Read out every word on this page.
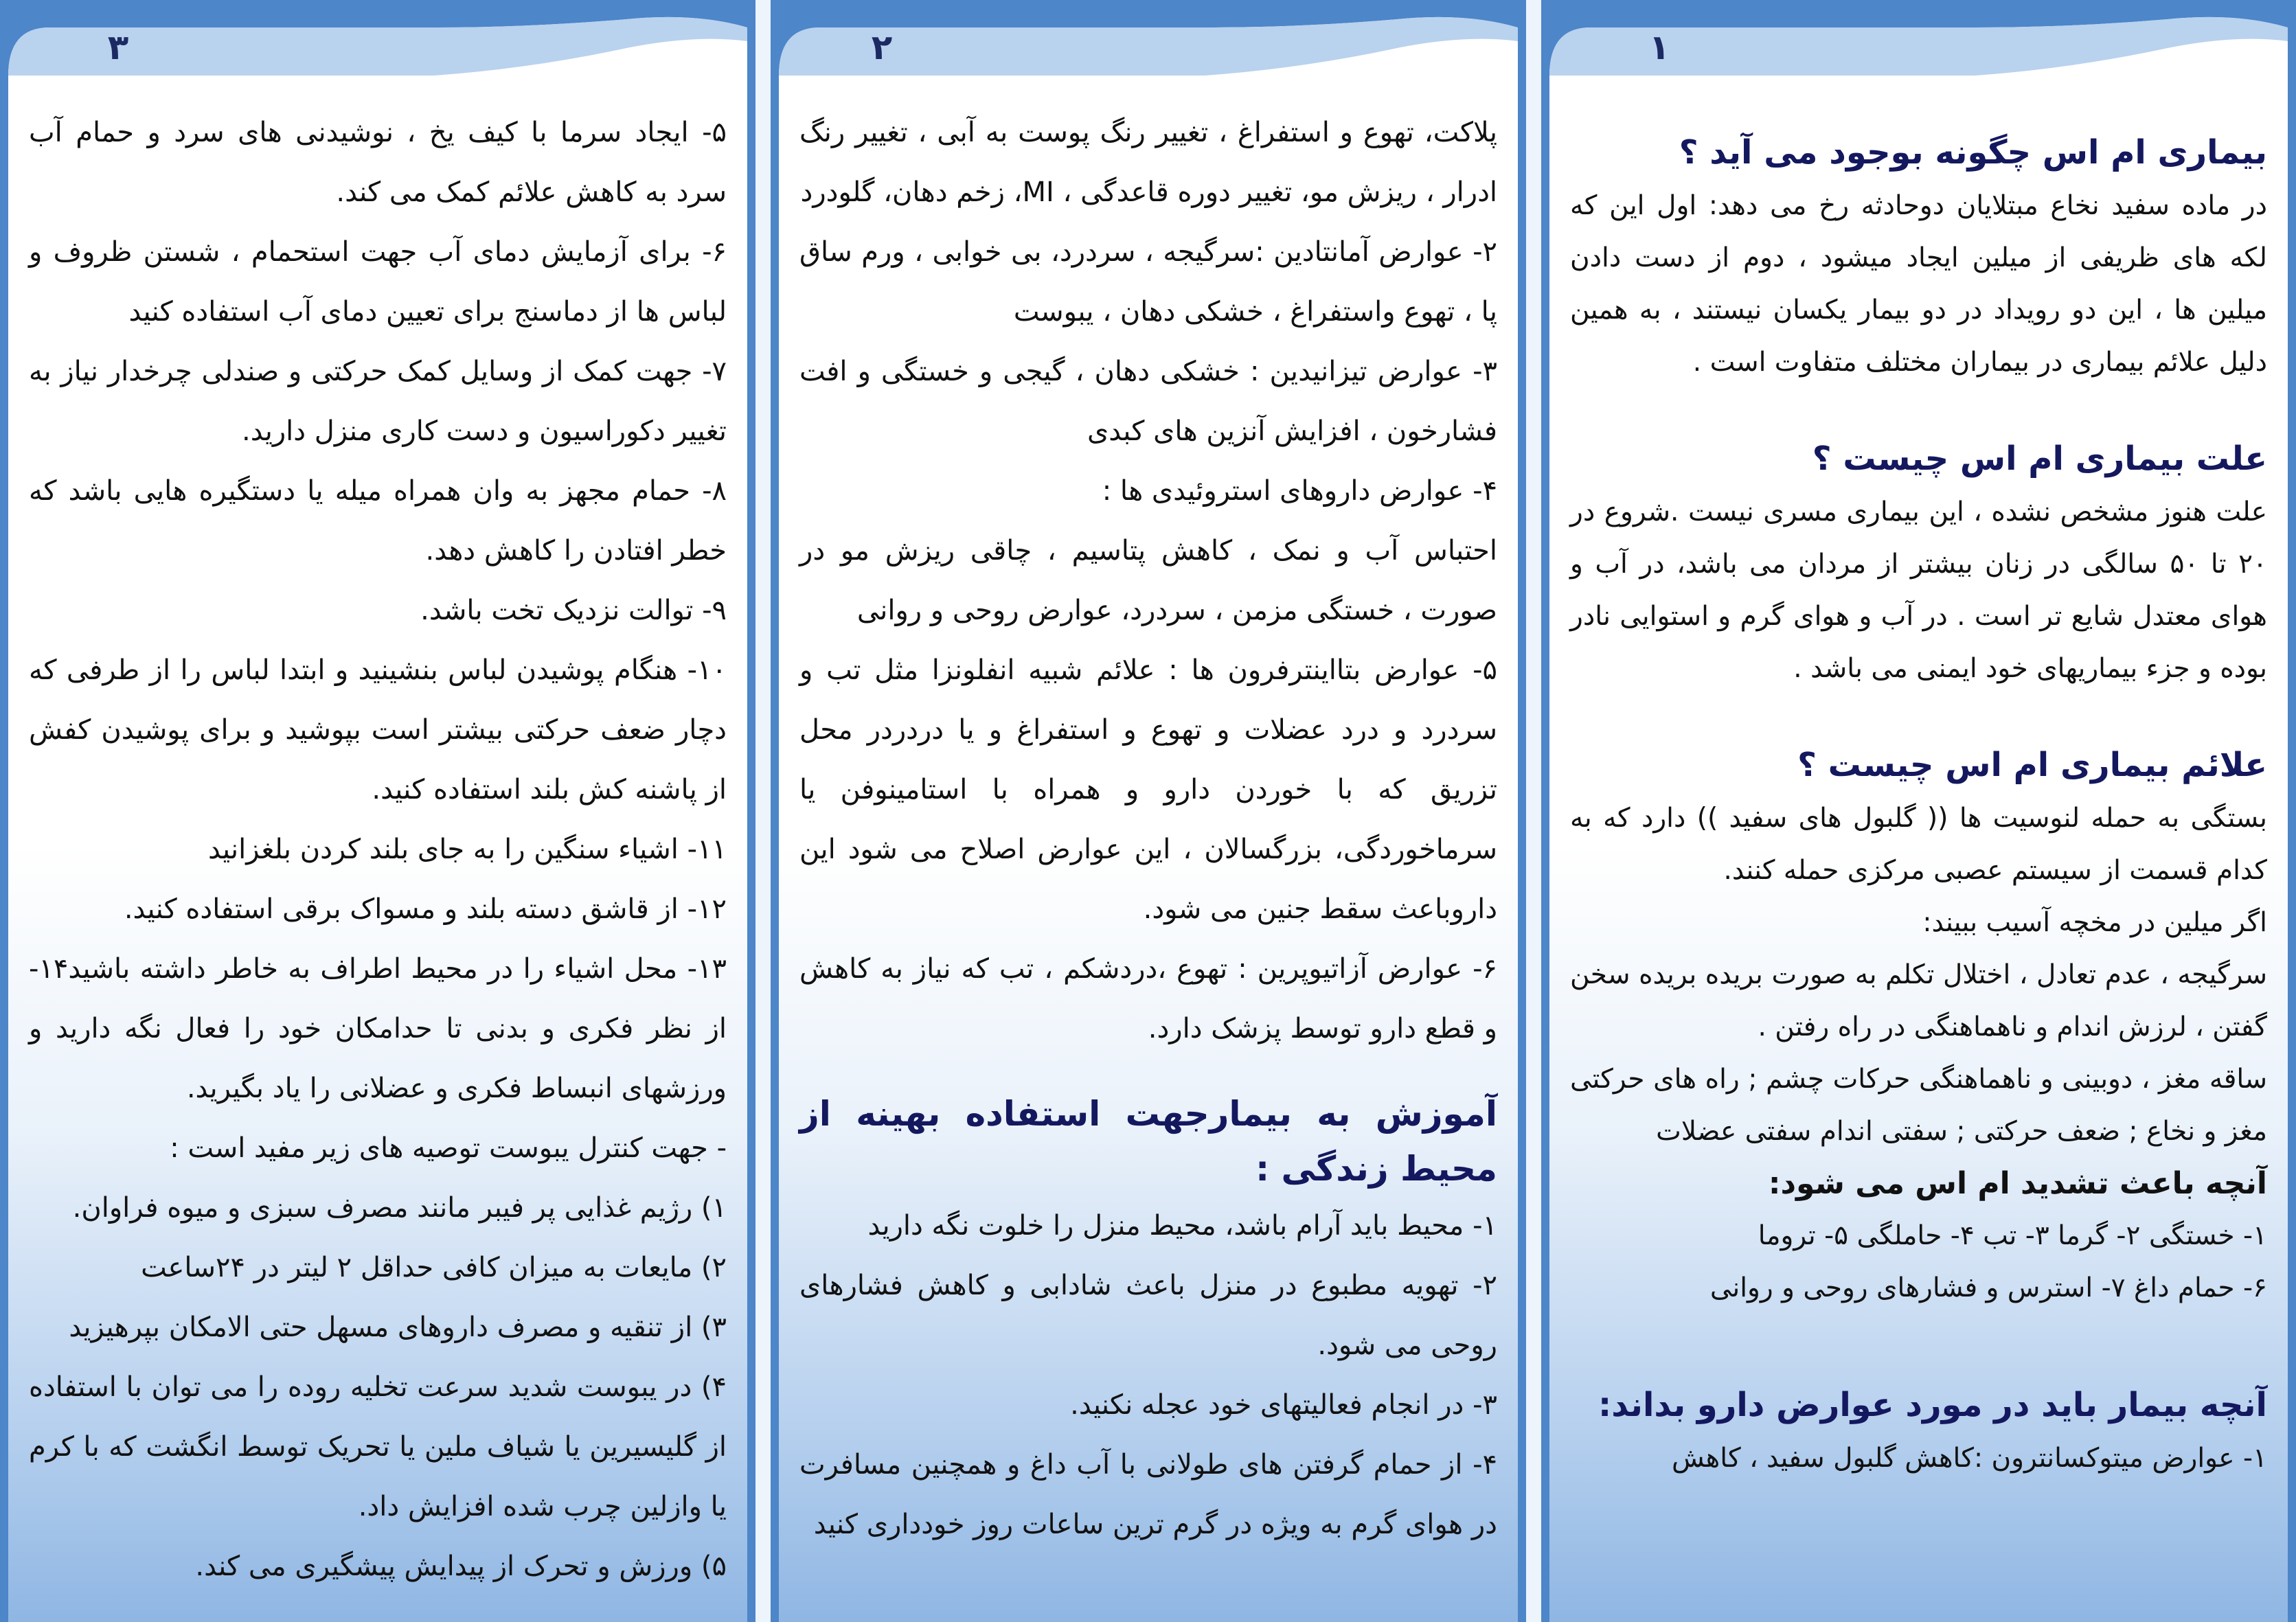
۳

۵- ایجاد سرما با کیف یخ ، نوشیدنی های سرد و حمام آب سرد به کاهش علائم کمک می کند.

۶- برای آزمایش دمای آب جهت استحمام ، شستن ظروف و لباس ها از دماسنج برای تعیین دمای آب استفاده کنید

۷- جهت کمک از وسایل کمک حرکتی و صندلی چرخدار نیاز به تغییر دکوراسیون و دست کاری منزل دارید.

۸- حمام مجهز به وان همراه میله یا دستگیره هایی باشد که خطر افتادن را کاهش دهد.

۹- توالت نزدیک تخت باشد.

۱۰- هنگام پوشیدن لباس بنشینید و ابتدا لباس را از طرفی که دچار ضعف حرکتی بیشتر است بپوشید و برای پوشیدن کفش از پاشنه کش بلند استفاده کنید.

۱۱- اشیاء سنگین را به جای بلند کردن بلغزانید

۱۲- از قاشق دسته بلند و مسواک برقی استفاده کنید.

۱۳- محل اشیاء را در محیط اطراف به خاطر داشته باشید۱۴- از نظر فکری و بدنی تا حدامکان خود را فعال نگه دارید و ورزشهای انبساط فکری و عضلانی را یاد بگیرید.

- جهت کنترل یبوست توصیه های زیر مفید است :

۱) رژیم غذایی پر فیبر مانند مصرف سبزی و میوه فراوان.

۲) مایعات به میزان کافی حداقل ۲ لیتر در ۲۴ساعت

۳) از تنقیه و مصرف داروهای مسهل حتی الامکان بپرهیزید

۴) در یبوست شدید سرعت تخلیه روده را می توان با استفاده از گلیسیرین یا شیاف ملین یا تحریک توسط انگشت که با کرم یا وازلین چرب شده افزایش داد.

۵) ورزش و تحرک از پیدایش پیشگیری می کند.

۲

پلاکت، تهوع و استفراغ ، تغییر رنگ پوست به آبی ، تغییر رنگ ادرار ، ریزش مو، تغییر دوره قاعدگی ، MI، زخم دهان، گلودرد

۲- عوارض آمانتادین :سرگیجه ، سردرد، بی خوابی ، ورم ساق پا ، تهوع واستفراغ ، خشکی دهان ، یبوست

۳- عوارض تیزانیدین : خشکی دهان ، گیجی و خستگی و افت فشارخون ، افزایش آنزین های کبدی

۴- عوارض داروهای استروئیدی ها :

احتباس آب و نمک ، کاهش پتاسیم ، چاقی ریزش مو در صورت ، خستگی مزمن ، سردرد، عوارض روحی و روانی

۵- عوارض بتااینترفرون ها : علائم شبیه انفلونزا مثل تب و سردرد و درد عضلات و تهوع و استفراغ و یا دردردر محل تزریق که با خوردن دارو و همراه با استامینوفن یا سرماخوردگی، بزرگسالان ، این عوارض اصلاح می شود این داروباعث سقط جنین می شود.

۶- عوارض آزاتیوپرین : تهوع ،دردشکم ، تب که نیاز به کاهش و قطع دارو توسط پزشک دارد.

آموزش به بیمارجهت استفاده بهینه از محیط زندگی :

۱- محیط باید آرام باشد، محیط منزل را خلوت نگه دارید

۲- تهویه مطبوع در منزل باعث شادابی و کاهش فشارهای روحی می شود.

۳- در انجام فعالیتهای خود عجله نکنید.

۴- از حمام گرفتن های طولانی با آب داغ و همچنین مسافرت در هوای گرم به ویژه در گرم ترین ساعات روز خودداری کنید

۱

بیماری ام اس چگونه بوجود می آید ؟

در ماده سفید نخاع مبتلایان دوحادثه رخ می دهد: اول این که لکه های ظریفی از میلین ایجاد میشود ، دوم از دست دادن میلین ها ، این دو رویداد در دو بیمار یکسان نیستند ، به همین دلیل علائم بیماری در بیماران مختلف متفاوت است .

علت بیماری ام اس چیست ؟

علت هنوز مشخص نشده ، این بیماری مسری نیست .شروع در ۲۰ تا ۵۰ سالگی در زنان بیشتر از مردان می باشد، در آب و هوای معتدل شایع تر است . در آب و هوای گرم و استوایی نادر بوده و جزء بیماریهای خود ایمنی می باشد .

علائم بیماری ام اس چیست ؟

بستگی به حمله لنوسیت ها (( گلبول های سفید )) دارد که به کدام قسمت از سیستم عصبی مرکزی حمله کنند.

اگر میلین در مخچه آسیب ببیند:

سرگیجه ، عدم تعادل ، اختلال تکلم به صورت بریده بریده سخن گفتن ، لرزش اندام و ناهماهنگی در راه رفتن .

ساقه مغز ، دوبینی و ناهماهنگی حرکات چشم ; راه های حرکتی مغز و نخاع ; ضعف حرکتی ; سفتی اندام سفتی عضلات

آنچه باعث تشدید ام اس می شود:

۱- خستگی ۲- گرما ۳- تب ۴- حاملگی ۵- تروما

۶- حمام داغ ۷- استرس و فشارهای روحی و روانی

آنچه بیمار باید در مورد عوارض دارو بداند:

۱- عوارض میتوکسانترون :کاهش گلبول سفید ، کاهش
